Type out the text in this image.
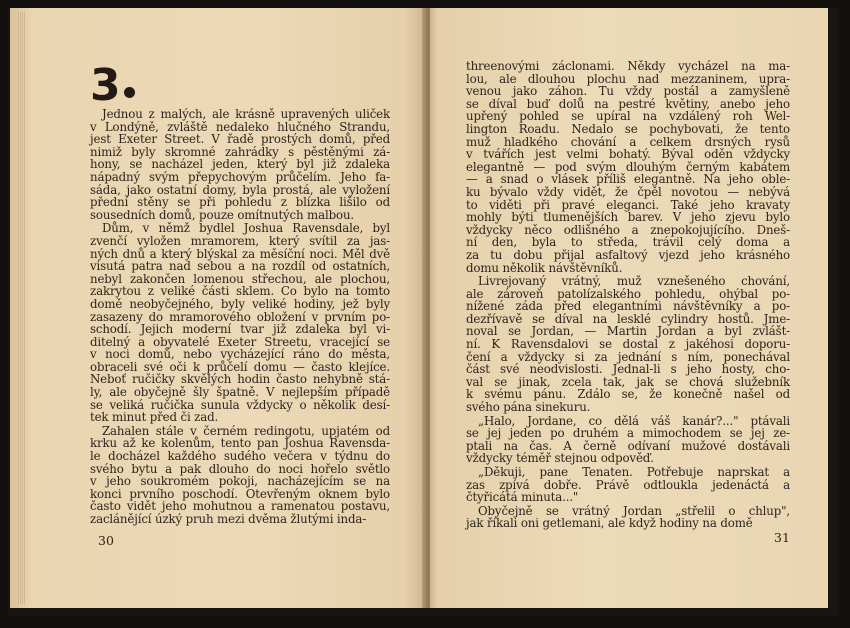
3
Jednou z malých, ale krásně upravených uliček
v Londýně, zvláště nedaleko hlučného Strandu,
jest Exeter Street. V řadě prostých domů, před
nimiž byly skromné zahrádky s pěstěnými zá-
hony, se nacházel jeden, který byl již zdaleka
nápadný svým přepychovým průčelím. Jeho fa-
sáda, jako ostatní domy, byla prostá, ale vyložení
přední stěny se při pohledu z blízka lišilo od
sousedních domů, pouze omítnutých malbou.
Dům, v němž bydlel Joshua Ravensdale, byl
zvenčí vyložen mramorem, který svítil za jas-
ných dnů a který blýskal za měsíční noci. Měl dvě
visutá patra nad sebou a na rozdíl od ostatních,
nebyl zakončen lomenou střechou, ale plochou,
zakrytou z veliké části sklem. Co bylo na tomto
domě neobyčejného, byly veliké hodiny, jež byly
zasazeny do mramorového obložení v prvním po-
schodí. Jejich moderní tvar již zdaleka byl vi-
ditelný a obyvatelé Exeter Streetu, vracející se
v noci domů, nebo vycházející ráno do města,
obraceli své oči k průčelí domu — často klejíce.
Neboť ručičky skvělých hodin často nehybně stá-
ly, ale obyčejně šly špatně. V nejlepším případě
se veliká ručička sunula vždycky o několik desí-
tek minut před či zad.
Zahalen stále v černém redingotu, upjatém od
krku až ke kolenům, tento pan Joshua Ravensda-
le docházel každého sudého večera v týdnu do
svého bytu a pak dlouho do noci hořelo světlo
v jeho soukromém pokoji, nacházejícím se na
konci prvního poschodí. Otevřeným oknem bylo
často vidět jeho mohutnou a ramenatou postavu,
zaclánějící úzký pruh mezi dvěma žlutými inda-
30
threenovými záclonami. Někdy vycházel na ma-
lou, ale dlouhou plochu nad mezzaninem, upra-
venou jako záhon. Tu vždy postál a zamyšleně
se díval buď dolů na pestré květiny, anebo jeho
upřený pohled se upíral na vzdálený roh Wel-
lington Roadu. Nedalo se pochybovati, že tento
muž hladkého chování a celkem drsných rysů
v tvářích jest velmi bohatý. Býval oděn vždycky
elegantně — pod svým dlouhým černým kabátem
— a snad o vlásek příliš elegantně. Na jeho oble-
ku bývalo vždy vidět, že čpěl novotou — nebývá
to viděti při pravé eleganci. Také jeho kravaty
mohly býti tlumenějších barev. V jeho zjevu bylo
vždycky něco odlišného a znepokojujícího. Dneš-
ní den, byla to středa, trávil celý doma a
za tu dobu přijal asfaltový vjezd jeho krásného
domu několik návštěvníků.
Livrejovaný vrátný, muž vznešeného chování,
ale zároveň patolízalského pohledu, ohýbal po-
nížené záda před elegantními návštěvníky a po-
dezřívavě se díval na lesklé cylindry hostů. Jme-
noval se Jordan, — Martin Jordan a byl zvlášt-
ní. K Ravensdalovi se dostal z jakéhosi doporu-
čení a vždycky si za jednání s ním, ponechával
část své neodvislosti. Jednal-li s jeho hosty, cho-
val se jinak, zcela tak, jak se chová služebník
k svému pánu. Zdálo se, že konečně našel od
svého pána sinekuru.
„Halo, Jordane, co dělá váš kanár?..." ptávali
se jej jeden po druhém a mimochodem se jej ze-
ptali na čas. A černě odívaní mužové dostávali
vždycky téměř stejnou odpověď.
„Děkuji, pane Tenaten. Potřebuje naprskat a
zas zpívá dobře. Právě odtloukla jedenáctá a
čtyřicátá minuta..."
Obyčejně se vrátný Jordan „střelil o chlup",
jak říkali oni getlemani, ale když hodiny na domě
31
